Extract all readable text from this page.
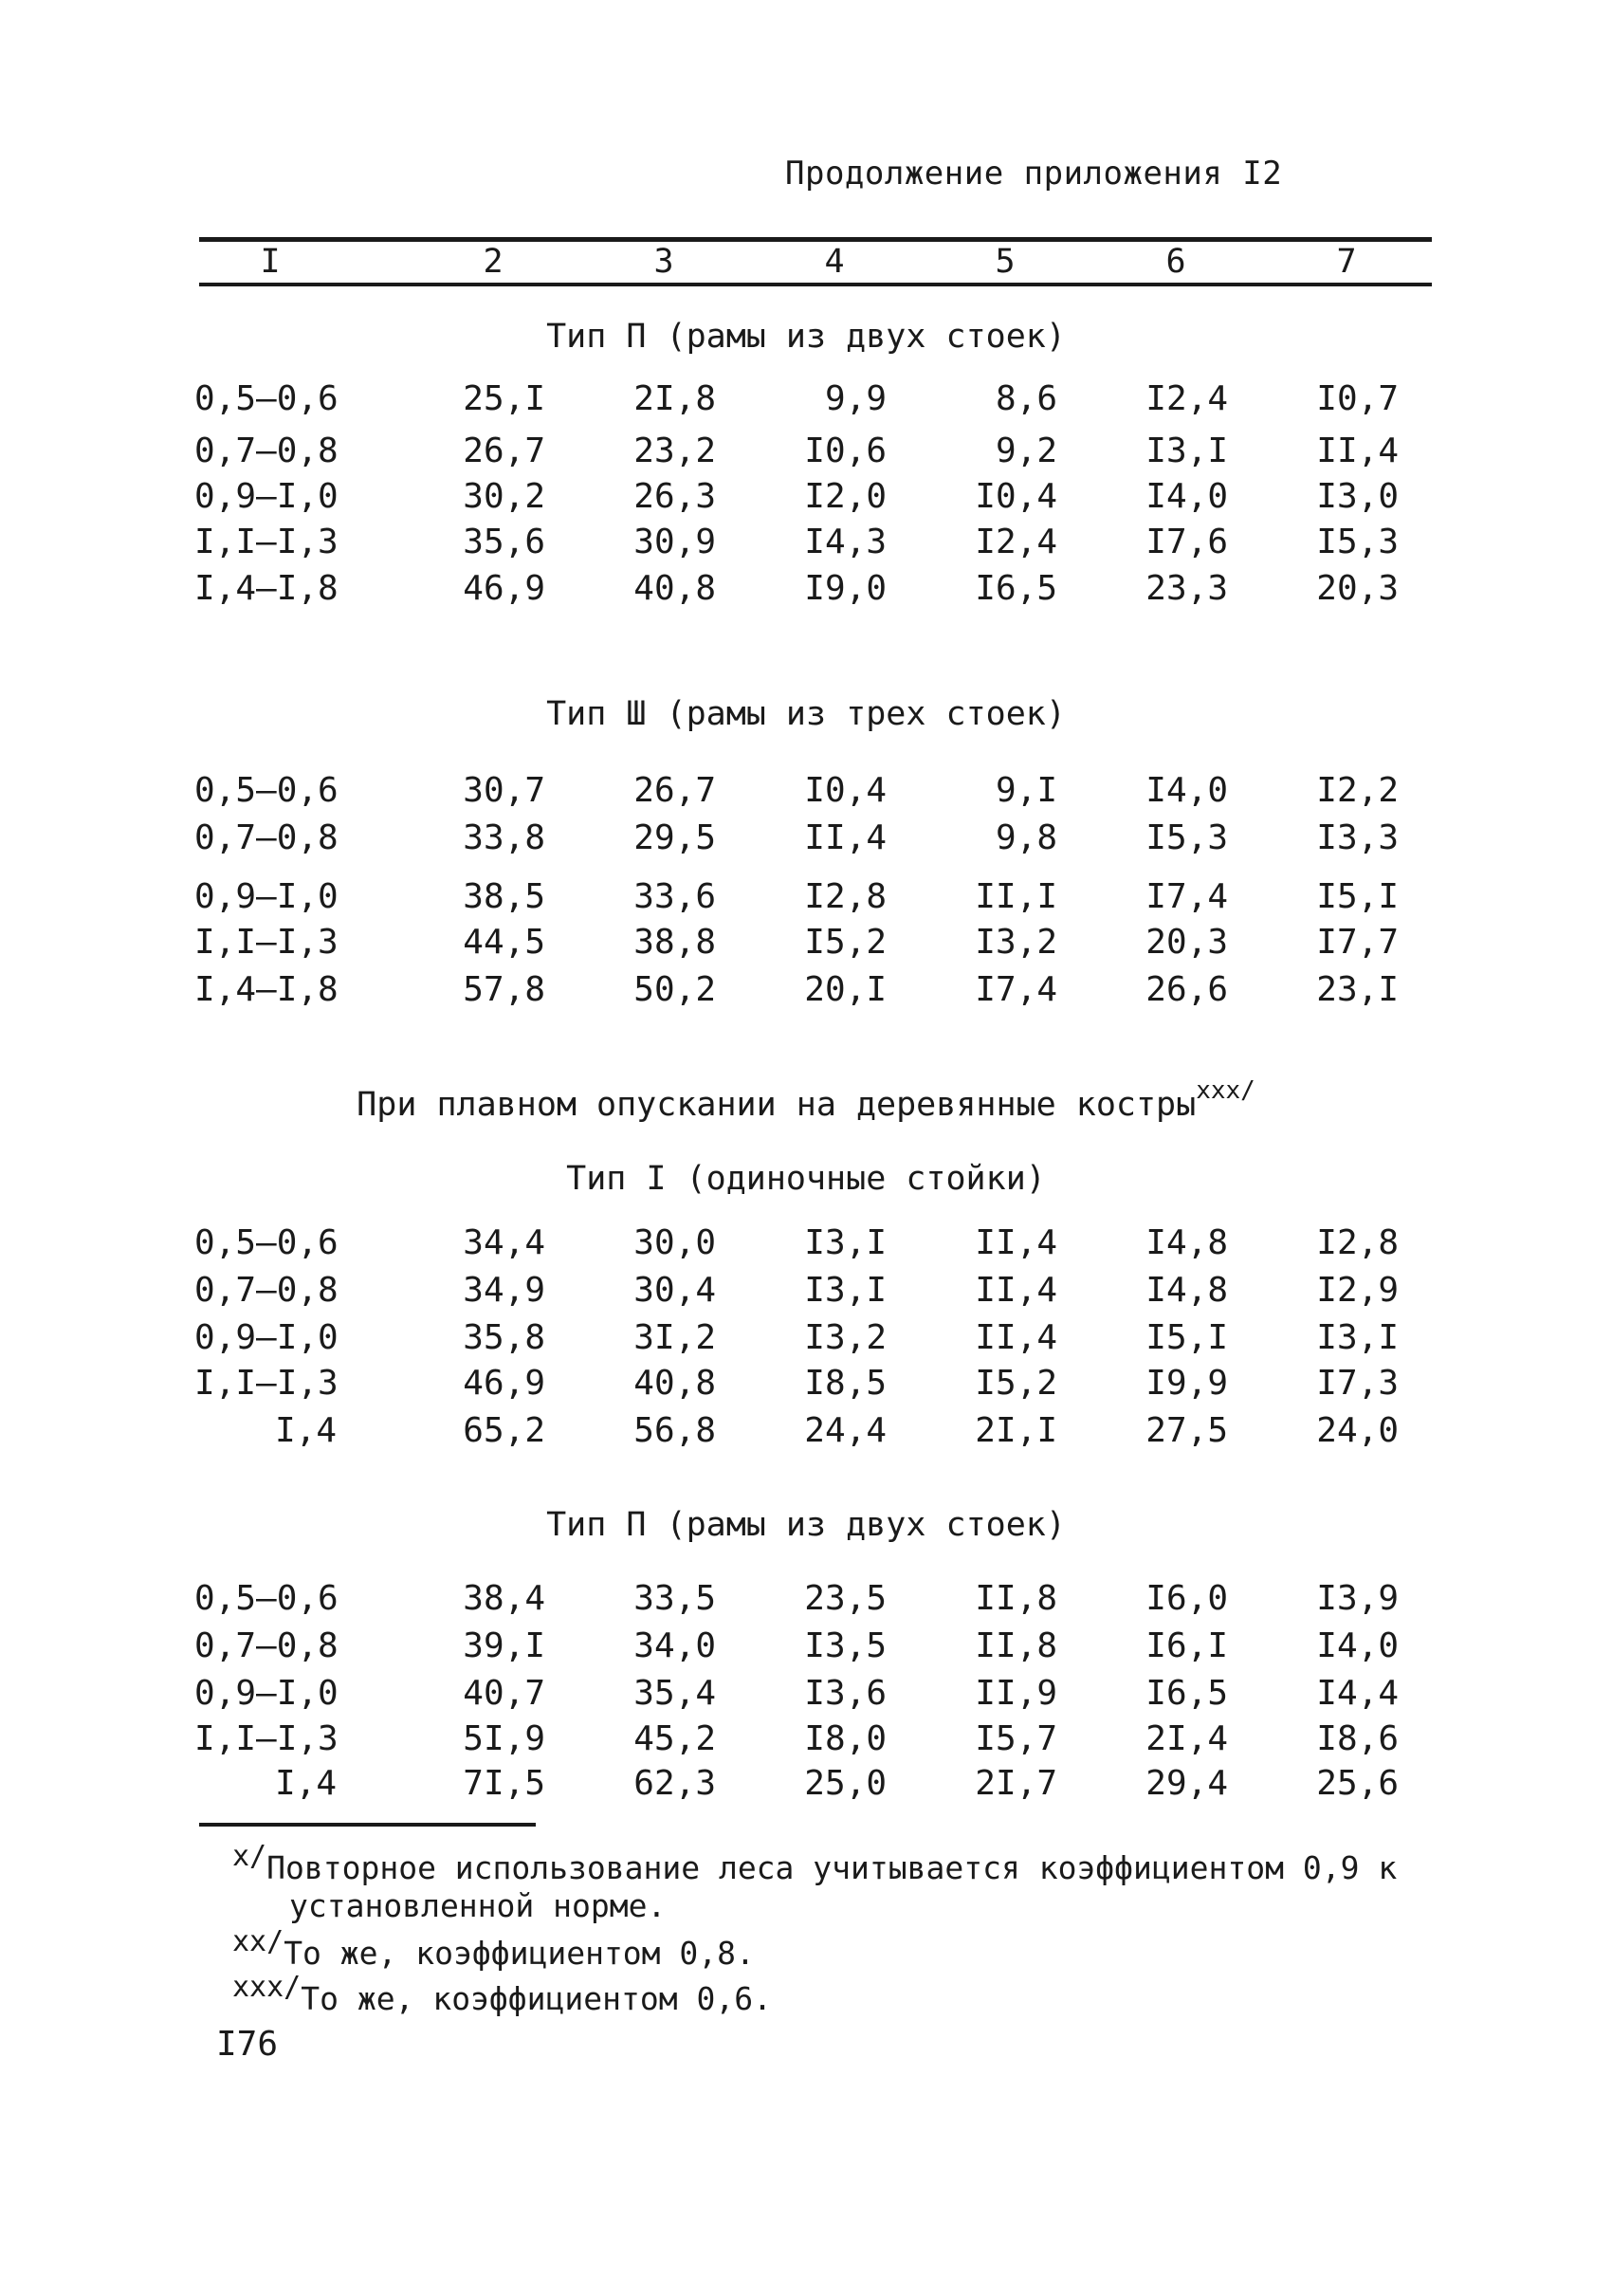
Продолжение приложения I2
I	2	3	4	5	6	7
Тип П (рамы из двух стоек)
0,5–0,6	25,I	2I,8	9,9	8,6	I2,4	I0,7
0,7–0,8	26,7	23,2	I0,6	9,2	I3,I	II,4
0,9–I,0	30,2	26,3	I2,0	I0,4	I4,0	I3,0
I,I–I,3	35,6	30,9	I4,3	I2,4	I7,6	I5,3
I,4–I,8	46,9	40,8	I9,0	I6,5	23,3	20,3
Тип Ш (рамы из трех стоек)
0,5–0,6	30,7	26,7	I0,4	9,I	I4,0	I2,2
0,7–0,8	33,8	29,5	II,4	9,8	I5,3	I3,3
0,9–I,0	38,5	33,6	I2,8	II,I	I7,4	I5,I
I,I–I,3	44,5	38,8	I5,2	I3,2	20,3	I7,7
I,4–I,8	57,8	50,2	20,I	I7,4	26,6	23,I
При плавном опускании на деревянные костры$^{xxx/}$
Тип I (одиночные стойки)
0,5–0,6	34,4	30,0	I3,I	II,4	I4,8	I2,8
0,7–0,8	34,9	30,4	I3,I	II,4	I4,8	I2,9
0,9–I,0	35,8	3I,2	I3,2	II,4	I5,I	I3,I
I,I–I,3	46,9	40,8	I8,5	I5,2	I9,9	I7,3
I,4	65,2	56,8	24,4	2I,I	27,5	24,0
Тип П (рамы из двух стоек)
0,5–0,6	38,4	33,5	23,5	II,8	I6,0	I3,9
0,7–0,8	39,I	34,0	I3,5	II,8	I6,I	I4,0
0,9–I,0	40,7	35,4	I3,6	II,9	I6,5	I4,4
I,I–I,3	5I,9	45,2	I8,0	I5,7	2I,4	I8,6
I,4	7I,5	62,3	25,0	2I,7	29,4	25,6
x/Повторное использование леса учитывается коэффициентом 0,9 к
установленной норме.
xx/То же, коэффициентом 0,8.
xxx/То же, коэффициентом 0,6.
I76
